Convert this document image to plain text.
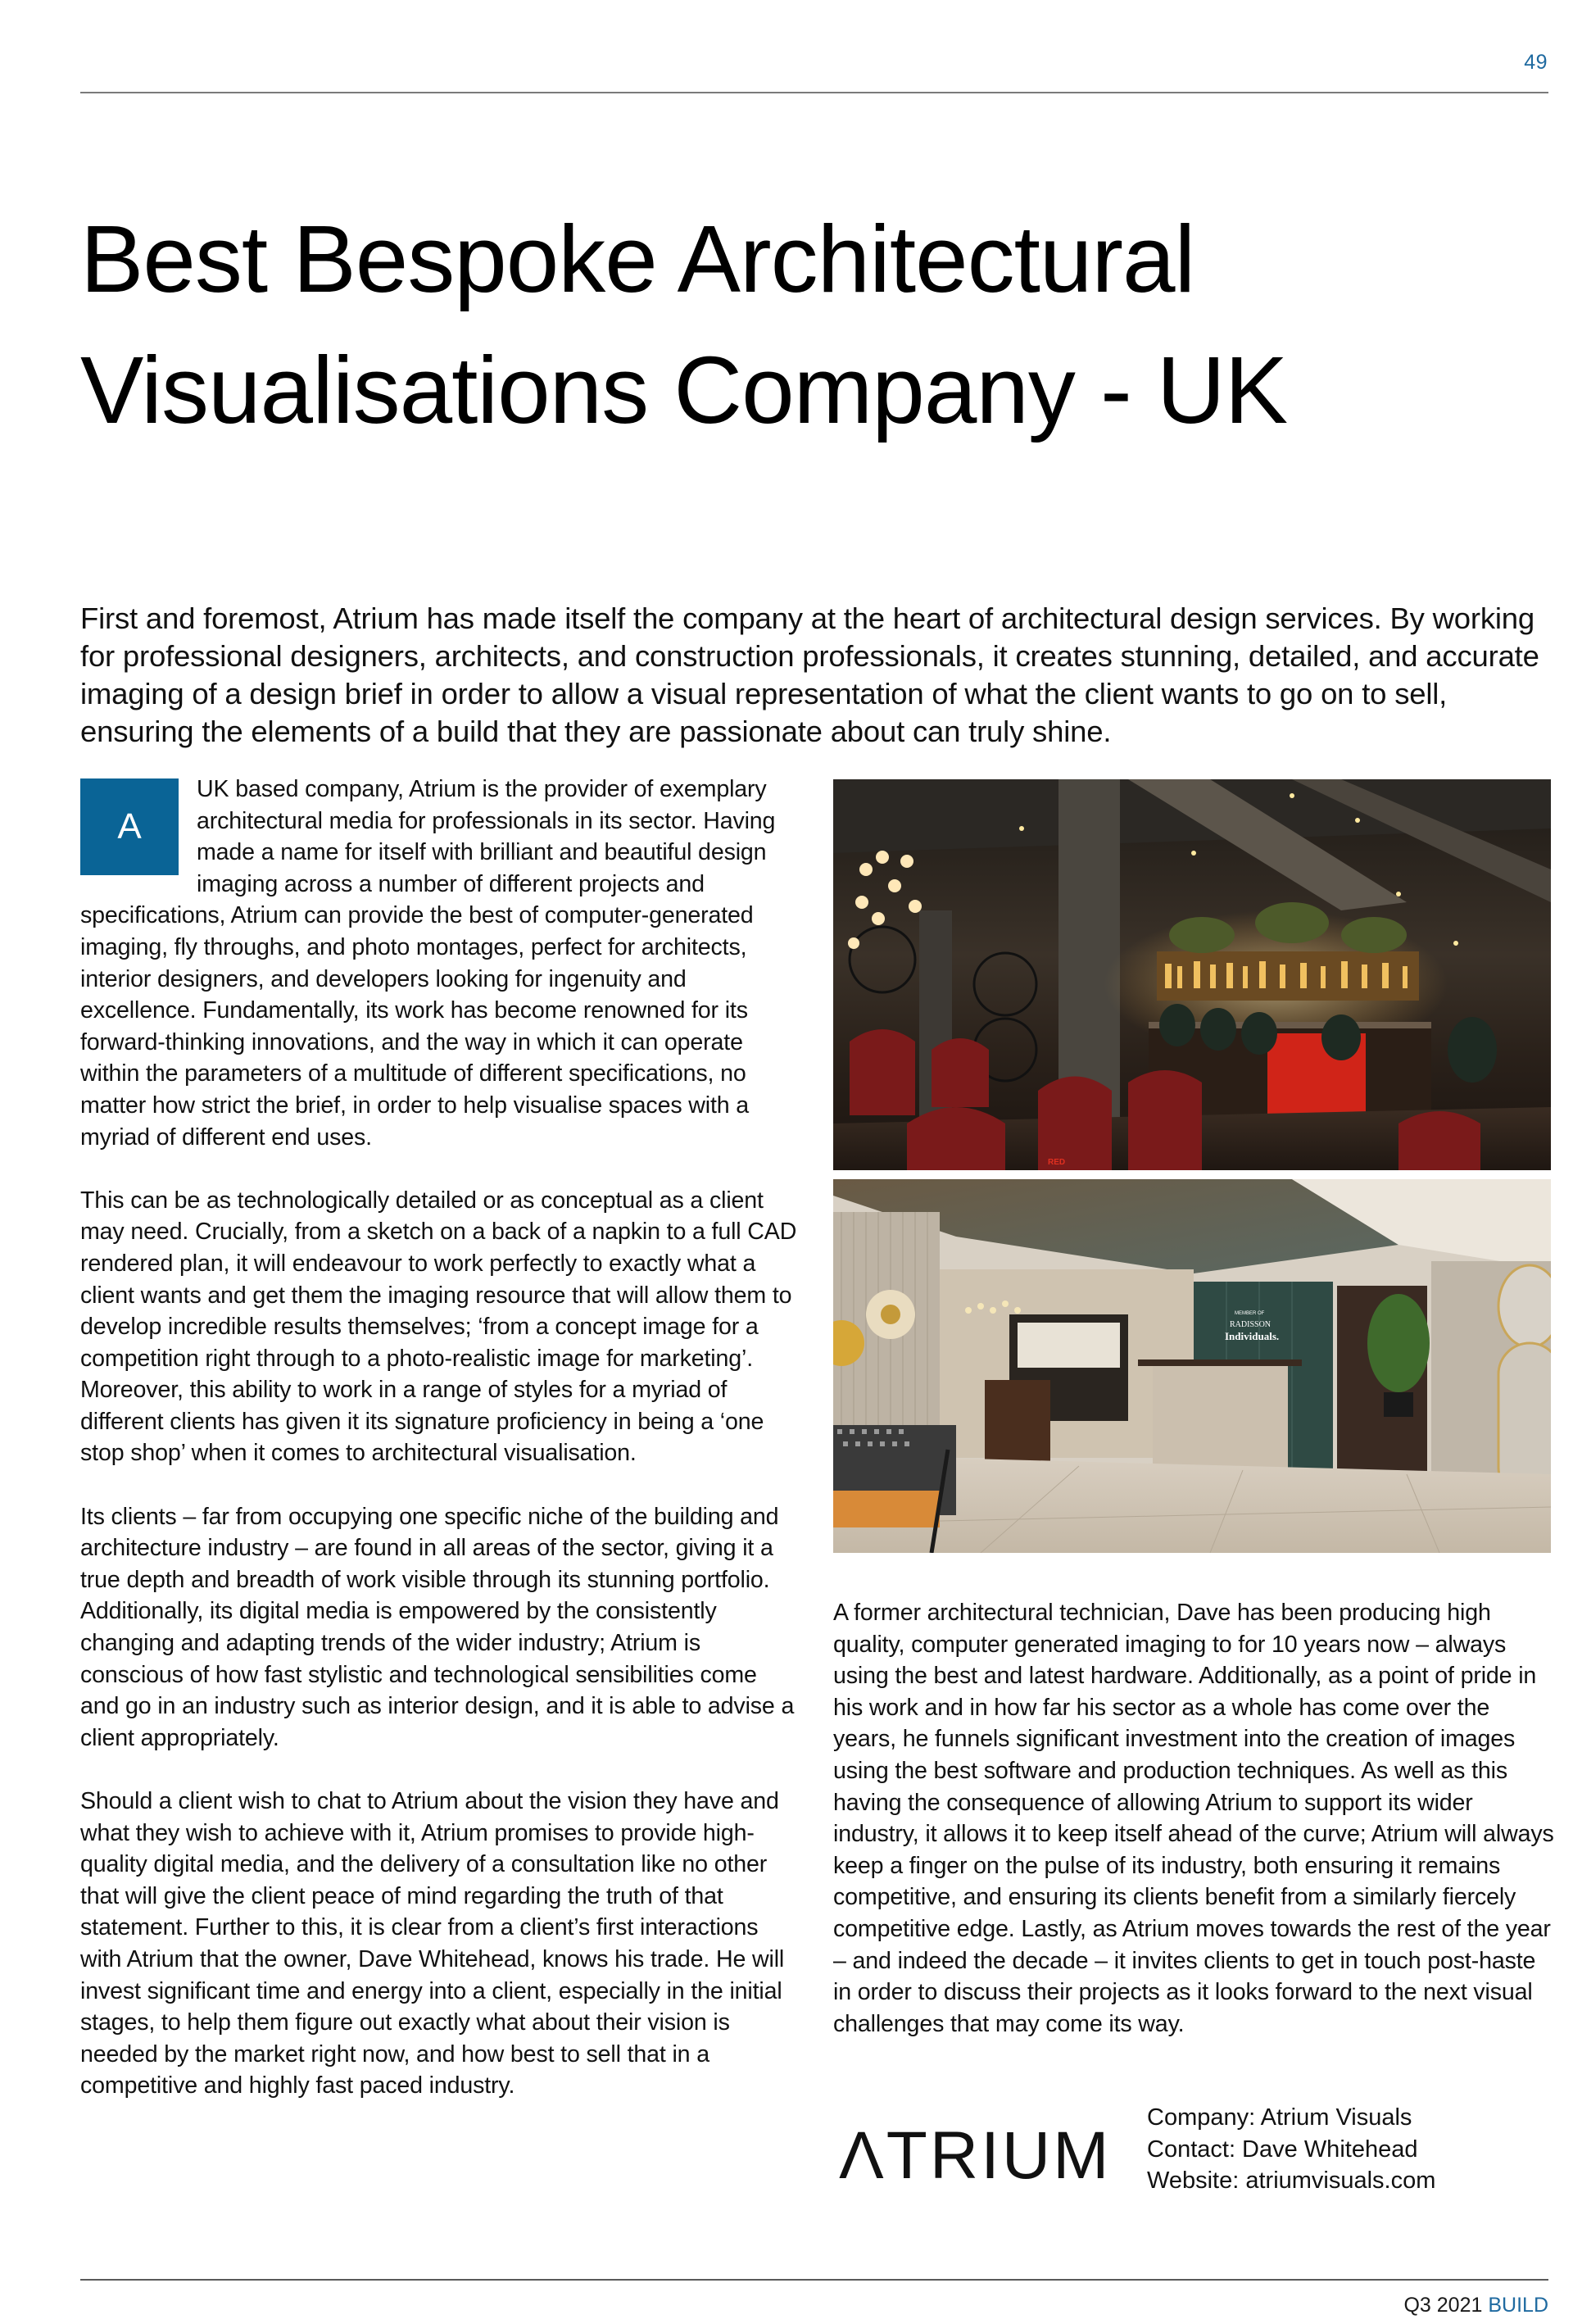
49
Best Bespoke Architectural
Visualisations Company - UK

First and foremost, Atrium has made itself the company at the heart of architectural design services. By working for professional designers, architects, and construction professionals, it creates stunning, detailed, and accurate imaging of a design brief in order to allow a visual representation of what the client wants to go on to sell, ensuring the elements of a build that they are passionate about can truly shine.

A
UK based company, Atrium is the provider of exemplary architectural media for professionals in its sector. Having made a name for itself with brilliant and beautiful design imaging across a number of different projects and specifications, Atrium can provide the best of computer-generated imaging, fly throughs, and photo montages, perfect for architects, interior designers, and developers looking for ingenuity and excellence. Fundamentally, its work has become renowned for its forward-thinking innovations, and the way in which it can operate within the parameters of a multitude of different specifications, no matter how strict the brief, in order to help visualise spaces with a myriad of different end uses.

This can be as technologically detailed or as conceptual as a client may need. Crucially, from a sketch on a back of a napkin to a full CAD rendered plan, it will endeavour to work perfectly to exactly what a client wants and get them the imaging resource that will allow them to develop incredible results themselves; ‘from a concept image for a competition right through to a photo-realistic image for marketing’. Moreover, this ability to work in a range of styles for a myriad of different clients has given it its signature proficiency in being a ‘one stop shop’ when it comes to architectural visualisation.

Its clients – far from occupying one specific niche of the building and architecture industry – are found in all areas of the sector, giving it a true depth and breadth of work visible through its stunning portfolio. Additionally, its digital media is empowered by the consistently changing and adapting trends of the wider industry; Atrium is conscious of how fast stylistic and technological sensibilities come and go in an industry such as interior design, and it is able to advise a client appropriately.

Should a client wish to chat to Atrium about the vision they have and what they wish to achieve with it, Atrium promises to provide high-quality digital media, and the delivery of a consultation like no other that will give the client peace of mind regarding the truth of that statement. Further to this, it is clear from a client’s first interactions with Atrium that the owner, Dave Whitehead, knows his trade. He will invest significant time and energy into a client, especially in the initial stages, to help them figure out exactly what about their vision is needed by the market right now, and how best to sell that in a competitive and highly fast paced industry.

RED
MEMBER OF
RADISSON
Individuals.

A former architectural technician, Dave has been producing high quality, computer generated imaging to for 10 years now – always using the best and latest hardware. Additionally, as a point of pride in his work and in how far his sector as a whole has come over the years, he funnels significant investment into the creation of images using the best software and production techniques. As well as this having the consequence of allowing Atrium to support its wider industry, it allows it to keep itself ahead of the curve; Atrium will always keep a finger on the pulse of its industry, both ensuring it remains competitive, and ensuring its clients benefit from a similarly fiercely competitive edge. Lastly, as Atrium moves towards the rest of the year – and indeed the decade – it invites clients to get in touch post-haste in order to discuss their projects as it looks forward to the next visual challenges that may come its way.

ΛTRIUM
Company: Atrium Visuals
Contact: Dave Whitehead
Website: atriumvisuals.com
Q3 2021 BUILD
